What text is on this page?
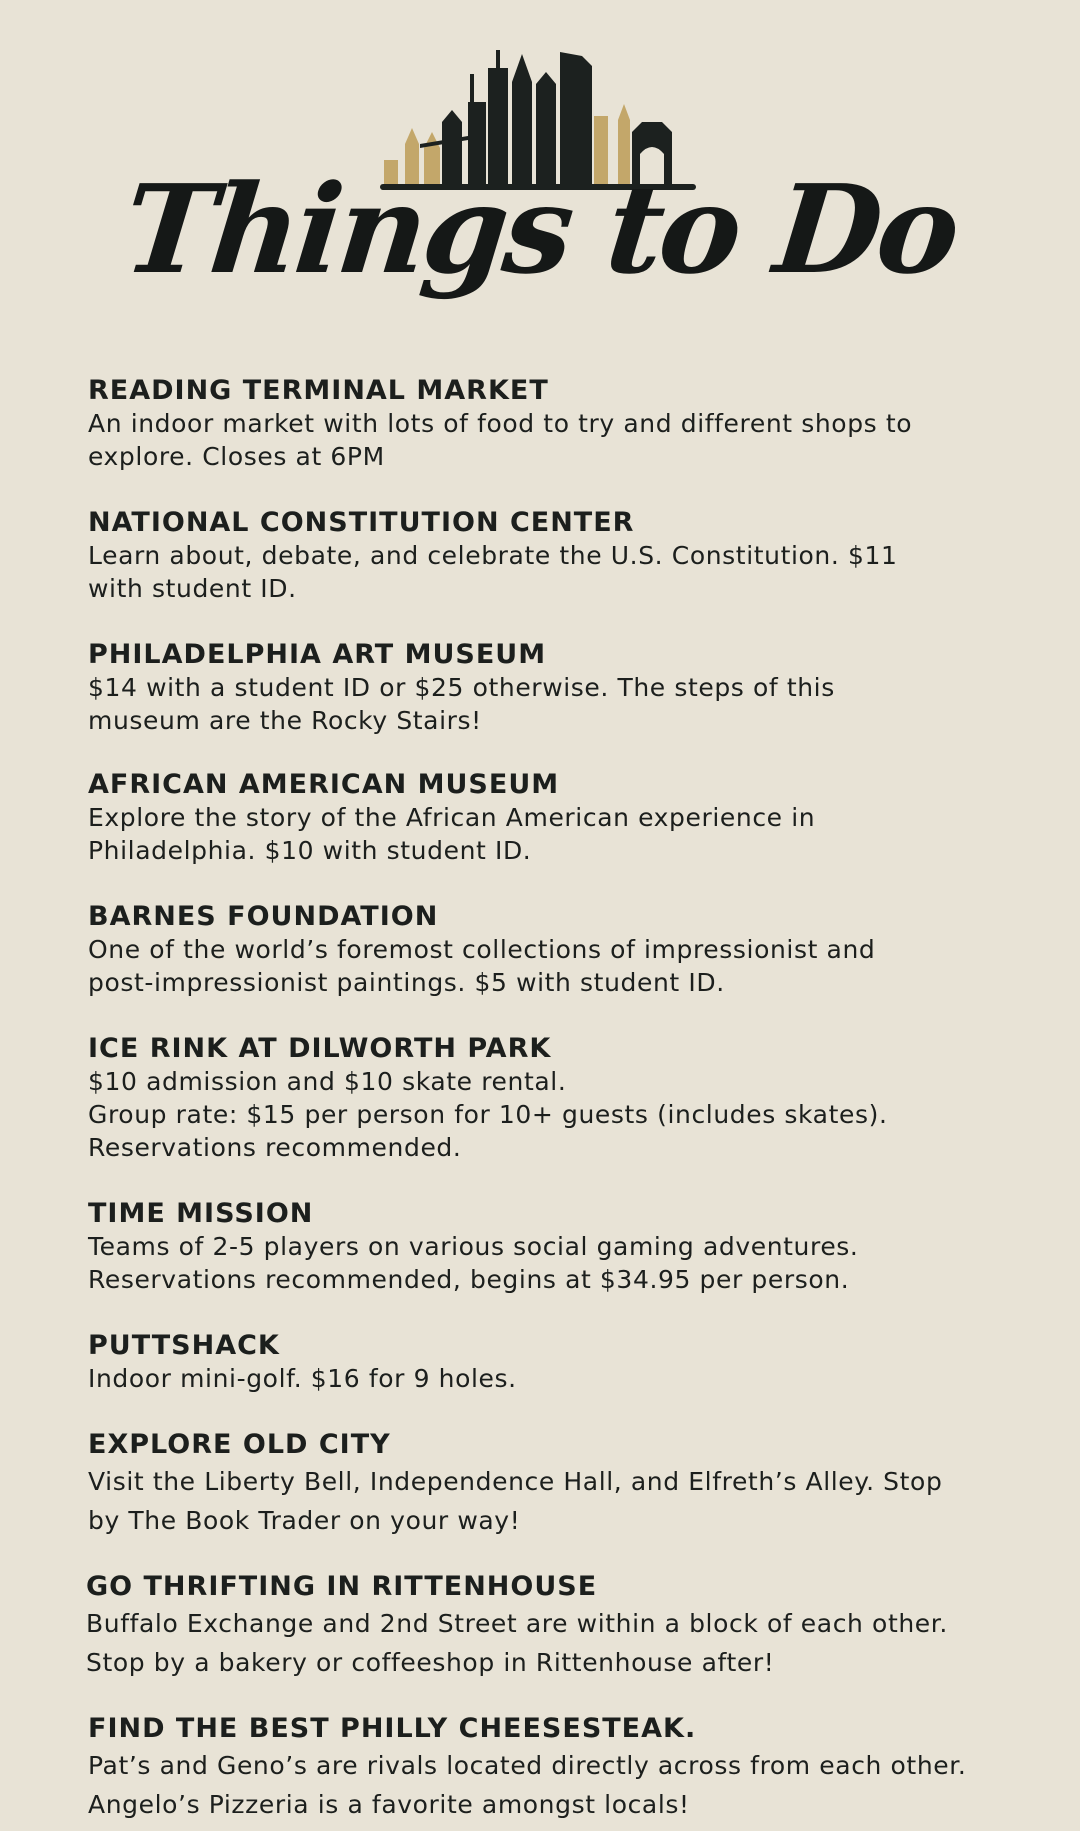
Things to Do
READING TERMINAL MARKET

An indoor market with lots of food to try and different shops to

explore. Closes at 6PM

NATIONAL CONSTITUTION CENTER

Learn about, debate, and celebrate the U.S. Constitution. $11

with student ID.

PHILADELPHIA ART MUSEUM

$14 with a student ID or $25 otherwise. The steps of this

museum are the Rocky Stairs!

AFRICAN AMERICAN MUSEUM

Explore the story of the African American experience in

Philadelphia. $10 with student ID.

BARNES FOUNDATION

One of the world’s foremost collections of impressionist and

post-impressionist paintings. $5 with student ID.

ICE RINK AT DILWORTH PARK

$10 admission and $10 skate rental.

Group rate: $15 per person for 10+ guests (includes skates).

Reservations recommended.

TIME MISSION

Teams of 2-5 players on various social gaming adventures.

Reservations recommended, begins at $34.95 per person.

PUTTSHACK

Indoor mini-golf. $16 for 9 holes.

EXPLORE OLD CITY

Visit the Liberty Bell, Independence Hall, and Elfreth’s Alley. Stop

by The Book Trader on your way!

GO THRIFTING IN RITTENHOUSE

Buffalo Exchange and 2nd Street are within a block of each other.

Stop by a bakery or coffeeshop in Rittenhouse after!

FIND THE BEST PHILLY CHEESESTEAK.

Pat’s and Geno’s are rivals located directly across from each other.

Angelo’s Pizzeria is a favorite amongst locals!
